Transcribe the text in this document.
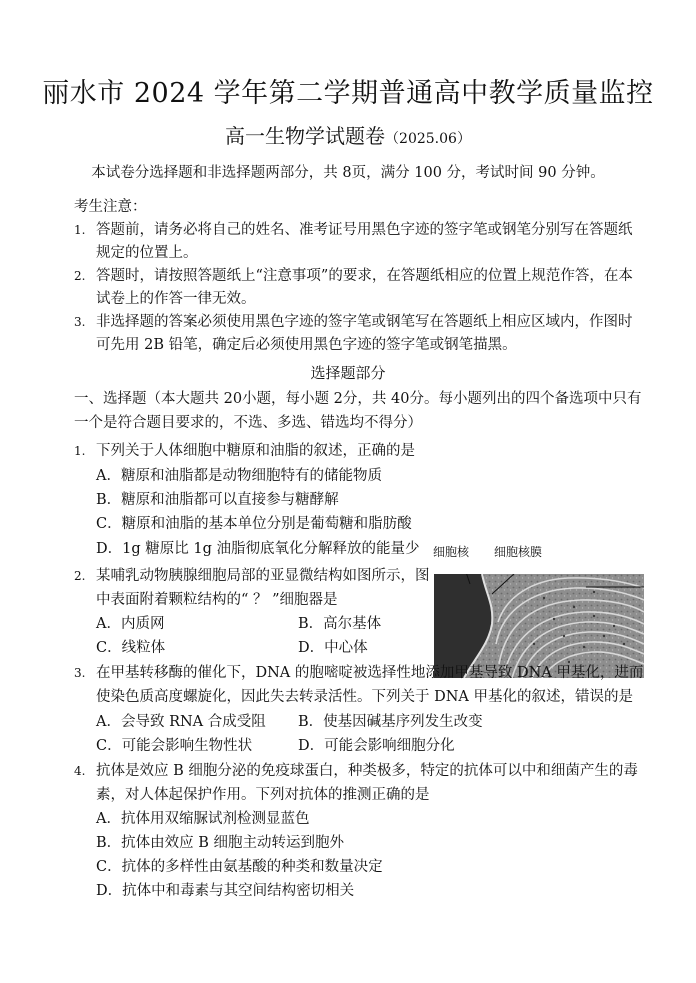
丽水市 2024 学年第二学期普通高中教学质量监控
高一生物学试题卷（2025.06）
本试卷分选择题和非选择题两部分，共 8页，满分 100 分，考试时间 90 分钟。
考生注意：
1. 答题前，请务必将自己的姓名、准考证号用黑色字迹的签字笔或钢笔分别写在答题纸
规定的位置上。
2. 答题时，请按照答题纸上“注意事项”的要求，在答题纸相应的位置上规范作答，在本
试卷上的作答一律无效。
3. 非选择题的答案必须使用黑色字迹的签字笔或钢笔写在答题纸上相应区域内，作图时
可先用 2B 铅笔，确定后必须使用黑色字迹的签字笔或钢笔描黑。
选择题部分
一、选择题（本大题共 20小题，每小题 2分，共 40分。每小题列出的四个备选项中只有
一个是符合题目要求的，不选、多选、错选均不得分）
1. 下列关于人体细胞中糖原和油脂的叙述，正确的是
A．糖原和油脂都是动物细胞特有的储能物质
B．糖原和油脂都可以直接参与糖酵解
C．糖原和油脂的基本单位分别是葡萄糖和脂肪酸
D．1g 糖原比 1g 油脂彻底氧化分解释放的能量少
2. 某哺乳动物胰腺细胞局部的亚显微结构如图所示，图
中表面附着颗粒结构的“ ？ ”细胞器是
A．内质网	B．高尔基体
C．线粒体	D．中心体
细胞核 细胞核膜
3. 在甲基转移酶的催化下，DNA 的胞嘧啶被选择性地添加甲基导致 DNA 甲基化，进而
使染色质高度螺旋化，因此失去转录活性。下列关于 DNA 甲基化的叙述，错误的是
A．会导致 RNA 合成受阻 B．使基因碱基序列发生改变
C．可能会影响生物性状	D．可能会影响细胞分化
4. 抗体是效应 B 细胞分泌的免疫球蛋白，种类极多，特定的抗体可以中和细菌产生的毒
素，对人体起保护作用。下列对抗体的推测正确的是
A．抗体用双缩脲试剂检测显蓝色
B．抗体由效应 B 细胞主动转运到胞外
C．抗体的多样性由氨基酸的种类和数量决定
D．抗体中和毒素与其空间结构密切相关
